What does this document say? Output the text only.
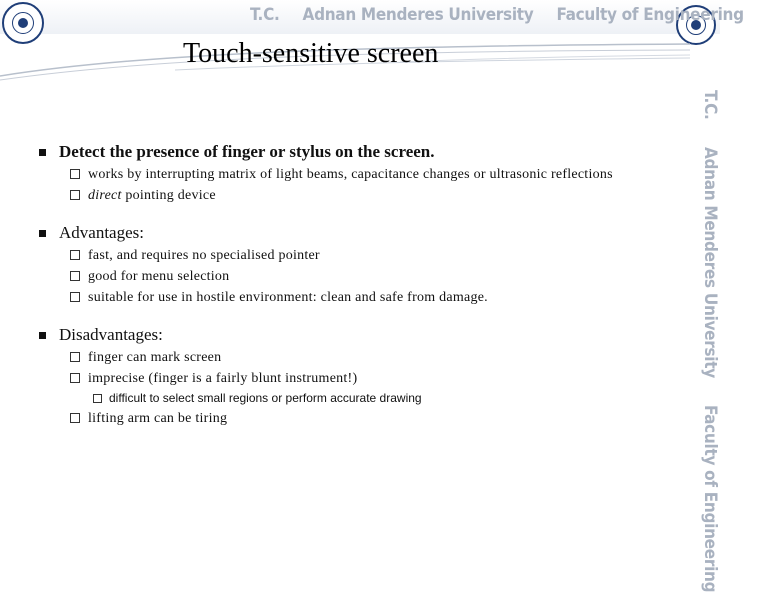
T.C. Adnan Menderes University Faculty of Engineering
Touch-sensitive screen
T.C. Adnan Menderes University Faculty of Engineering
Detect the presence of finger or stylus on the screen.
works by interrupting matrix of light beams, capacitance changes or ultrasonic reflections
direct pointing device
Advantages:
fast, and requires no specialised pointer
good for menu selection
suitable for use in hostile environment: clean and safe from damage.
Disadvantages:
finger can mark screen
imprecise (finger is a fairly blunt instrument!)
difficult to select small regions or perform accurate drawing
lifting arm can be tiring
